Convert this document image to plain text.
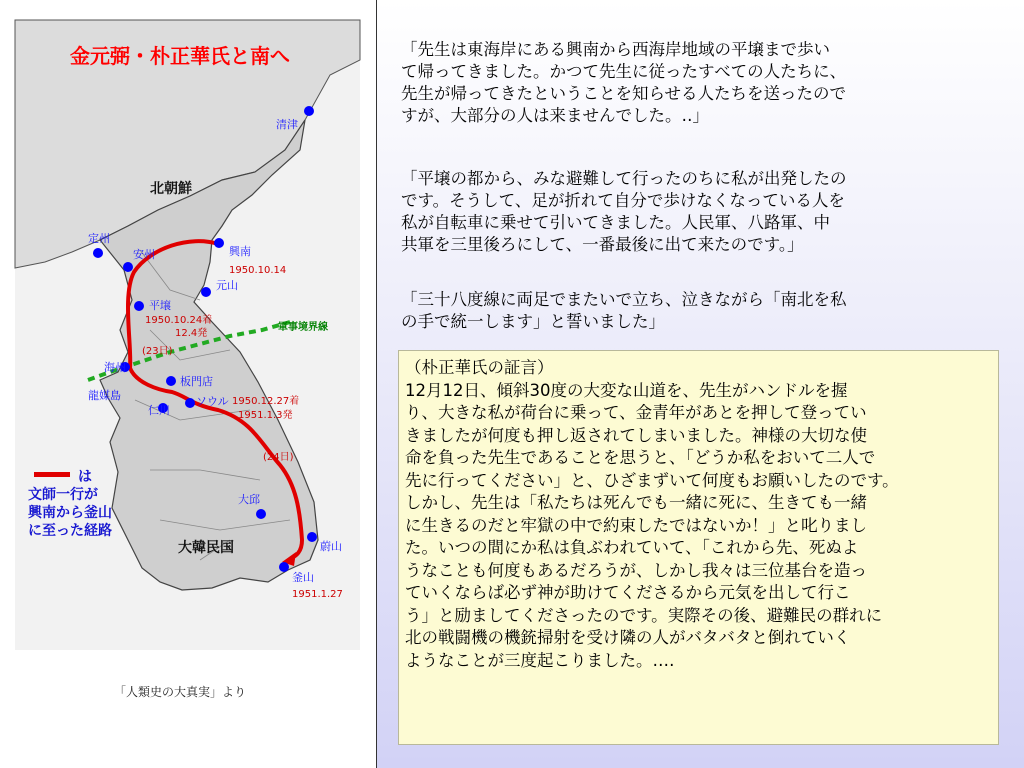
金元弼・朴正華氏と南へ
北朝鮮
大韓民国
清津
興南
元山
定州
安州
平壌
海州
龍媒島
板門店
仁川
ソウル
大邱
蔚山
釜山
1950.10.14
1950.10.24着
12.4発
(23日)
1950.12.27着
1951.1.3発
(24日)
1951.1.27
軍事境界線
は
文師一行が
興南から釜山
に至った経路
「人類史の大真実」より
「先生は東海岸にある興南から西海岸地域の平壌まで歩い
て帰ってきました。かつて先生に従ったすべての人たちに、
先生が帰ってきたということを知らせる人たちを送ったので
すが、大部分の人は来ませんでした。‥」
「平壌の都から、みな避難して行ったのちに私が出発したの
です。そうして、足が折れて自分で歩けなくなっている人を
私が自転車に乗せて引いてきました。人民軍、八路軍、中
共軍を三里後ろにして、一番最後に出て来たのです。」
「三十八度線に両足でまたいで立ち、泣きながら「南北を私
の手で統一します」と誓いました」
（朴正華氏の証言）
12月12日、傾斜30度の大変な山道を、先生がハンドルを握
り、大きな私が荷台に乗って、金青年があとを押して登ってい
きましたが何度も押し返されてしまいました。神様の大切な使
命を負った先生であることを思うと、「どうか私をおいて二人で
先に行ってください」と、ひざまずいて何度もお願いしたのです。
しかし、先生は「私たちは死んでも一緒に死に、生きても一緒
に生きるのだと牢獄の中で約束したではないか！」と叱りまし
た。いつの間にか私は負ぶわれていて、「これから先、死ぬよ
うなことも何度もあるだろうが、しかし我々は三位基台を造っ
ていくならば必ず神が助けてくださるから元気を出して行こ
う」と励ましてくださったのです。実際その後、避難民の群れに
北の戦闘機の機銃掃射を受け隣の人がバタバタと倒れていく
ようなことが三度起こりました。‥‥
